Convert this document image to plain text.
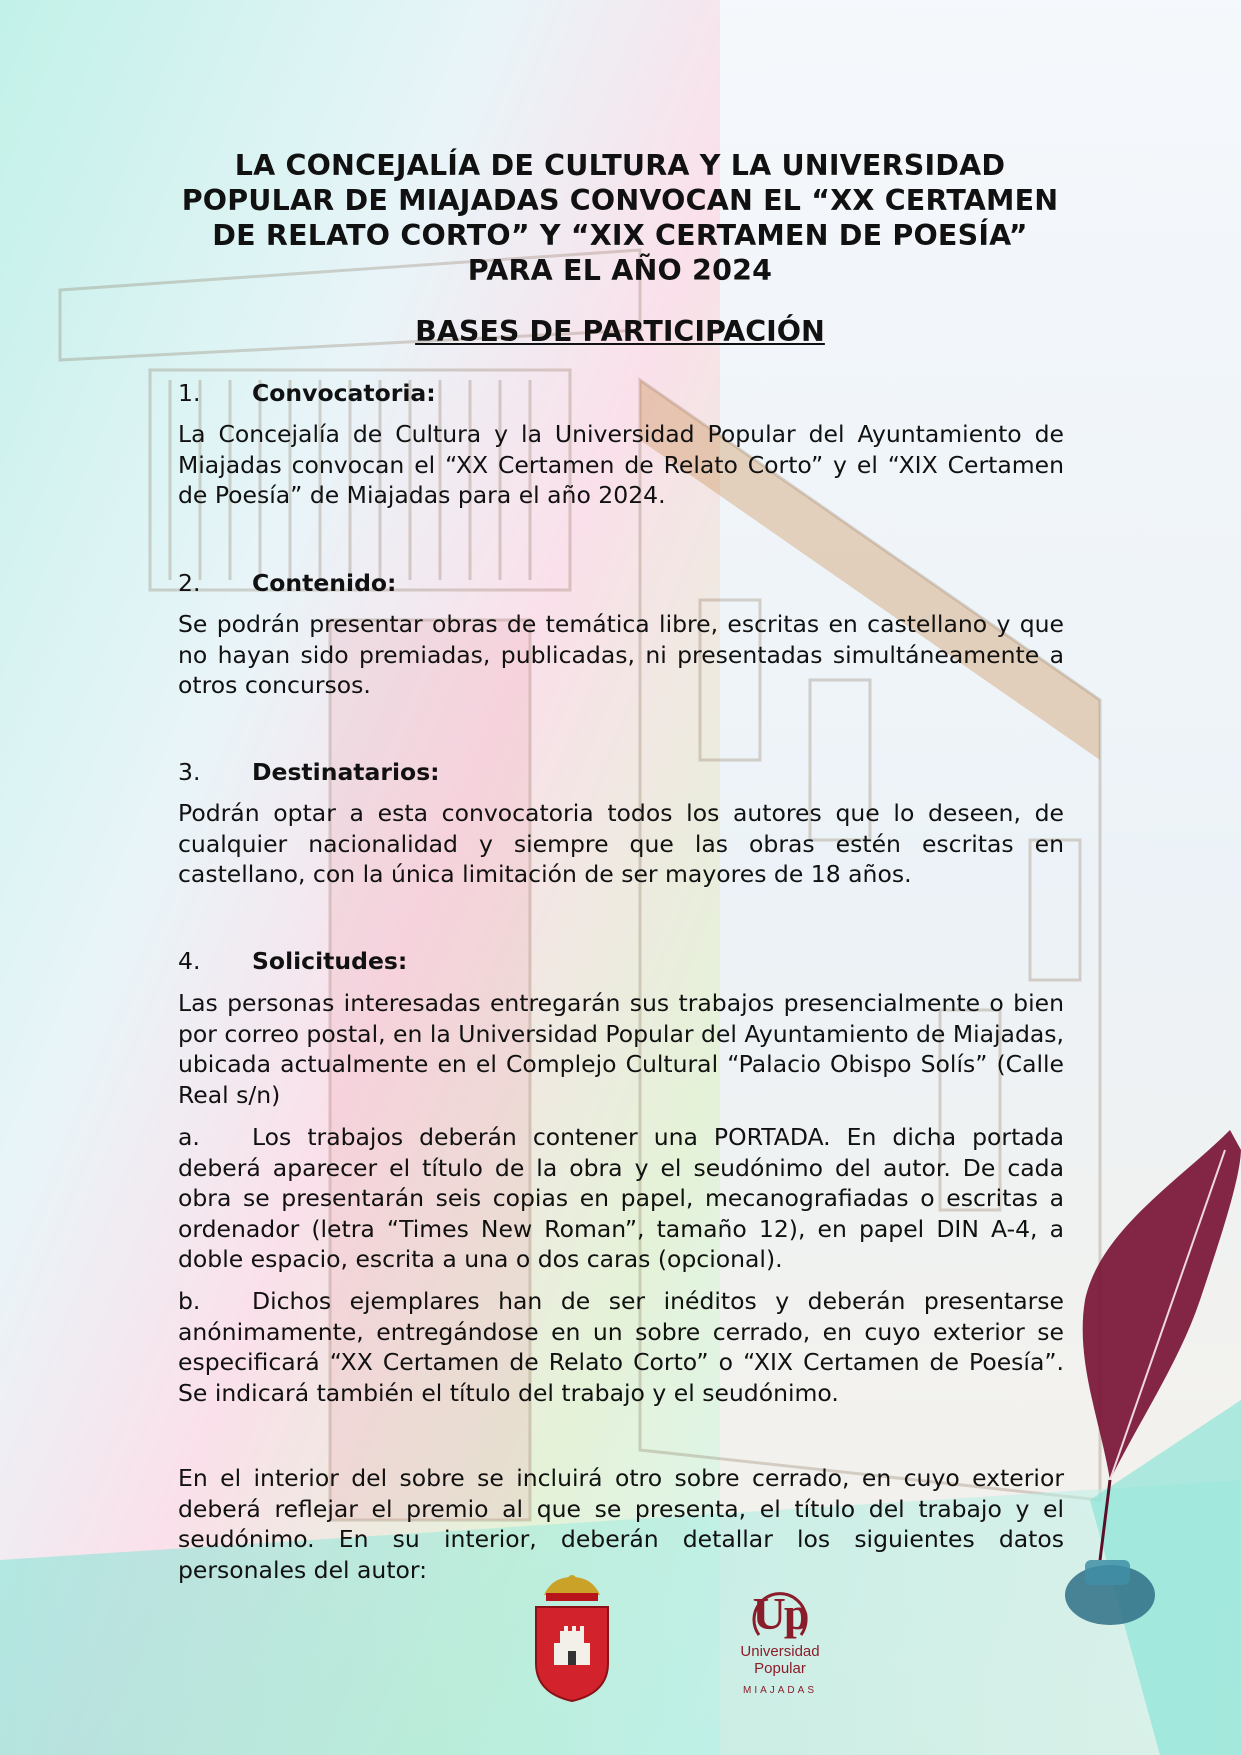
LA CONCEJALÍA DE CULTURA Y LA UNIVERSIDAD POPULAR DE MIAJADAS CONVOCAN EL “XX CERTAMEN DE RELATO CORTO” Y “XIX CERTAMEN DE POESÍA” PARA EL AÑO 2024
BASES DE PARTICIPACIÓN
1. Convocatoria:

La Concejalía de Cultura y la Universidad Popular del Ayuntamiento de Miajadas convocan el “XX Certamen de Relato Corto” y el “XIX Certamen de Poesía” de Miajadas para el año 2024.

2. Contenido:

Se podrán presentar obras de temática libre, escritas en castellano y que no hayan sido premiadas, publicadas, ni presentadas simultáneamente a otros concursos.

3. Destinatarios:

Podrán optar a esta convocatoria todos los autores que lo deseen, de cualquier nacionalidad y siempre que las obras estén escritas en castellano, con la única limitación de ser mayores de 18 años.

4. Solicitudes:

Las personas interesadas entregarán sus trabajos presencialmente o bien por correo postal, en la Universidad Popular del Ayuntamiento de Miajadas, ubicada actualmente en el Complejo Cultural “Palacio Obispo Solís” (Calle Real s/n)

a. Los trabajos deberán contener una PORTADA. En dicha portada deberá aparecer el título de la obra y el seudónimo del autor. De cada obra se presentarán seis copias en papel, mecanografiadas o escritas a ordenador (letra “Times New Roman”, tamaño 12), en papel DIN A-4, a doble espacio, escrita a una o dos caras (opcional).

b. Dichos ejemplares han de ser inéditos y deberán presentarse anónimamente, entregándose en un sobre cerrado, en cuyo exterior se especificará “XX Certamen de Relato Corto” o “XIX Certamen de Poesía”. Se indicará también el título del trabajo y el seudónimo.

En el interior del sobre se incluirá otro sobre cerrado, en cuyo exterior deberá reflejar el premio al que se presenta, el título del trabajo y el seudónimo. En su interior, deberán detallar los siguientes datos personales del autor:

Up
Universidad
Popular
MIAJADAS
